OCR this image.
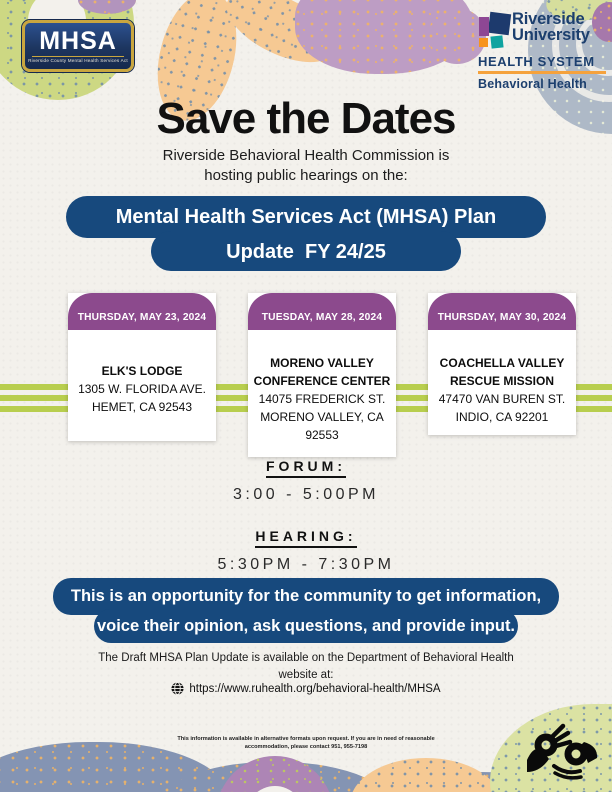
MHSA
Riverside County Mental Health Services Act
Riverside
University
HEALTH SYSTEM
Behavioral Health
Save the Dates
Riverside Behavioral Health Commission is
hosting public hearings on the:
Mental Health Services Act (MHSA) Plan
Update  FY 24/25
THURSDAY, MAY 23, 2024
ELK'S LODGE
1305 W. FLORIDA AVE.
HEMET, CA 92543
TUESDAY, MAY 28, 2024
MORENO VALLEY CONFERENCE CENTER
14075 FREDERICK ST.
MORENO VALLEY, CA
92553
THURSDAY, MAY 30, 2024
COACHELLA VALLEY RESCUE MISSION
47470 VAN BUREN ST.
INDIO, CA 92201
FORUM:
3:00 - 5:00PM
HEARING:
5:30PM - 7:30PM
This is an opportunity for the community to get information,
voice their opinion, ask questions, and provide input.
The Draft MHSA Plan Update is available on the Department of Behavioral Health
website at:
https://www.ruhealth.org/behavioral-health/MHSA
This information is available in alternative formats upon request. If you are in need of reasonable
accommodation, please contact 951, 955-7198
